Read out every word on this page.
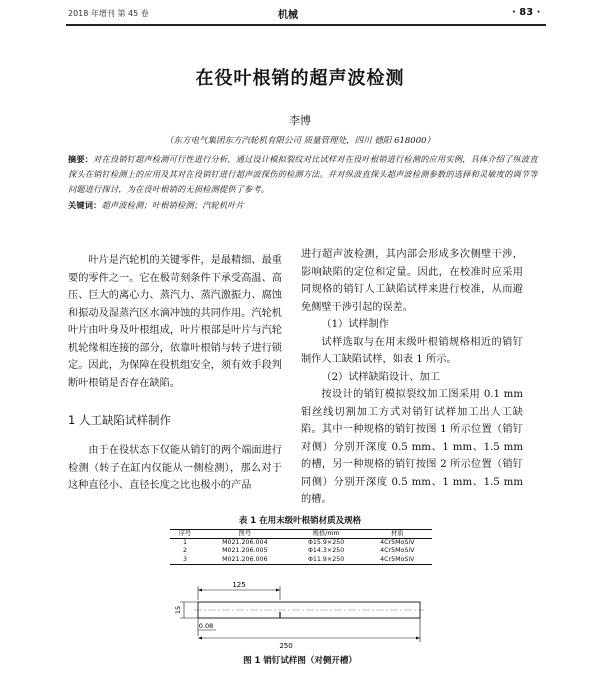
2018 年增刊 第 45 卷	机械	· 83 ·
在役叶根销的超声波检测
李博
（东方电气集团东方汽轮机有限公司 质量管理处，四川 德阳 618000）
摘要：对在役销钉超声检测可行性进行分析，通过设计模拟裂纹对比试样对在役叶根销进行检测的应用实例，具体介绍了纵波直探头在销钉检测上的应用及其对在役销钉进行超声波探伤的检测方法。并对纵波直探头超声波检测参数的选择和灵敏度的调节等问题进行探讨，为在役叶根销的无损检测提供了参考。
关键词：超声波检测；叶根销检测；汽轮机叶片

叶片是汽轮机的关键零件，是最精细、最重要的零件之一。它在极苛刻条件下承受高温、高压、巨大的离心力、蒸汽力、蒸汽激振力、腐蚀和振动及湿蒸汽区水滴冲蚀的共同作用。汽轮机叶片由叶身及叶根组成，叶片根部是叶片与汽轮机轮缘相连接的部分，依靠叶根销与转子进行锁定。因此，为保障在役机组安全，须有效手段判断叶根销是否存在缺陷。

1 人工缺陷试样制作

由于在役状态下仅能从销钉的两个端面进行检测（转子在缸内仅能从一侧检测），那么对于这种直径小、直径长度之比也极小的产品

进行超声波检测，其内部会形成多次侧壁干涉，影响缺陷的定位和定量。因此，在校准时应采用同规格的销钉人工缺陷试样来进行校准，从而避免侧壁干涉引起的误差。

（1）试样制作

试样选取与在用末级叶根销规格相近的销钉制作人工缺陷试样，如表 1 所示。

（2）试样缺陷设计、加工

按设计的销钉模拟裂纹加工图采用 0.1 mm 钼丝线切割加工方式对销钉试样加工出人工缺陷。其中一种规格的销钉按图 1 所示位置（销钉对侧）分别开深度 0.5 mm、1 mm、1.5 mm 的槽，另一种规格的销钉按图 2 所示位置（销钉同侧）分别开深度 0.5 mm、1 mm、1.5 mm 的槽。

表 1 在用末级叶根销材质及规格
序号	图号	规格/mm	材质
1	M021.206.004	Φ15.9×250	4Cr5MoSiV
2	M021.206.005	Φ14.3×250	4Cr5MoSiV
3	M021.206.006	Φ11.9×250	4Cr5MoSiV
125
15
0.08
250
图 1 销钉试样图（对侧开槽）
